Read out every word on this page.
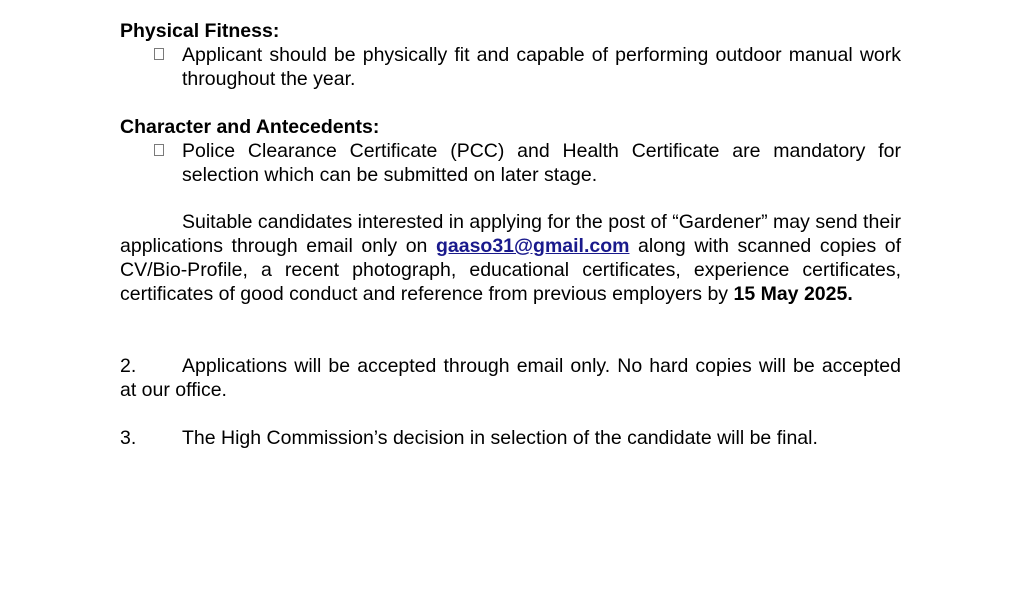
Physical Fitness:
Applicant should be physically fit and capable of performing outdoor manual work throughout the year.
Character and Antecedents:
Police Clearance Certificate (PCC) and Health Certificate are mandatory for selection which can be submitted on later stage.
Suitable candidates interested in applying for the post of “Gardener” may send their applications through email only on gaaso31@gmail.com along with scanned copies of CV/Bio-Profile, a recent photograph, educational certificates, experience certificates, certificates of good conduct and reference from previous employers by 15 May 2025.
2. Applications will be accepted through email only. No hard copies will be accepted at our office.
3. The High Commission’s decision in selection of the candidate will be final.
